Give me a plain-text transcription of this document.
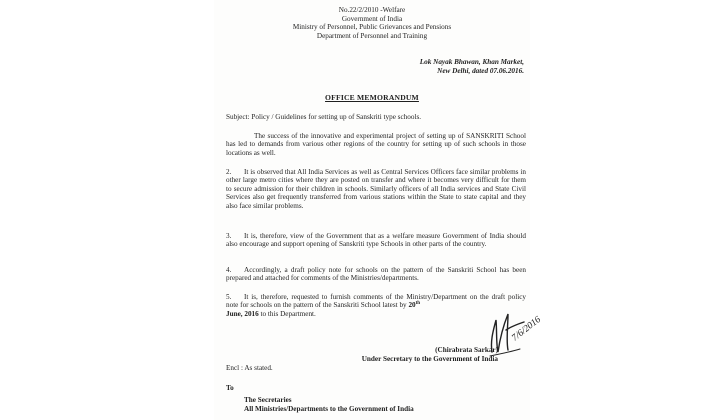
No.22/2/2010 -Welfare
Government of India
Ministry of Personnel, Public Grievances and Pensions
Department of Personnel and Training
Lok Nayak Bhawan, Khan Market,
New Delhi, dated 07.06.2016.
OFFICE MEMORANDUM
Subject: Policy / Guidelines for setting up of Sanskriti type schools.
The success of the innovative and experimental project of setting up of SANSKRITI School has led to demands from various other regions of the country for setting up of such schools in those locations as well.
2. It is observed that All India Services as well as Central Services Officers face similar problems in other large metro cities where they are posted on transfer and where it becomes very difficult for them to secure admission for their children in schools. Similarly officers of all India services and State Civil Services also get frequently transferred from various stations within the State to state capital and they also face similar problems.
3. It is, therefore, view of the Government that as a welfare measure Government of India should also encourage and support opening of Sanskriti type Schools in other parts of the country.
4. Accordingly, a draft policy note for schools on the pattern of the Sanskriti School has been prepared and attached for comments of the Ministries/departments.
5. It is, therefore, requested to furnish comments of the Ministry/Department on the draft policy note for schools on the pattern of the Sanskriti School latest by 20th
June, 2016 to this Department.
7/6/2016
(Chirabrata Sarkar)
Under Secretary to the Government of India
Encl : As stated.
To
The Secretaries
All Ministries/Departments to the Government of India
